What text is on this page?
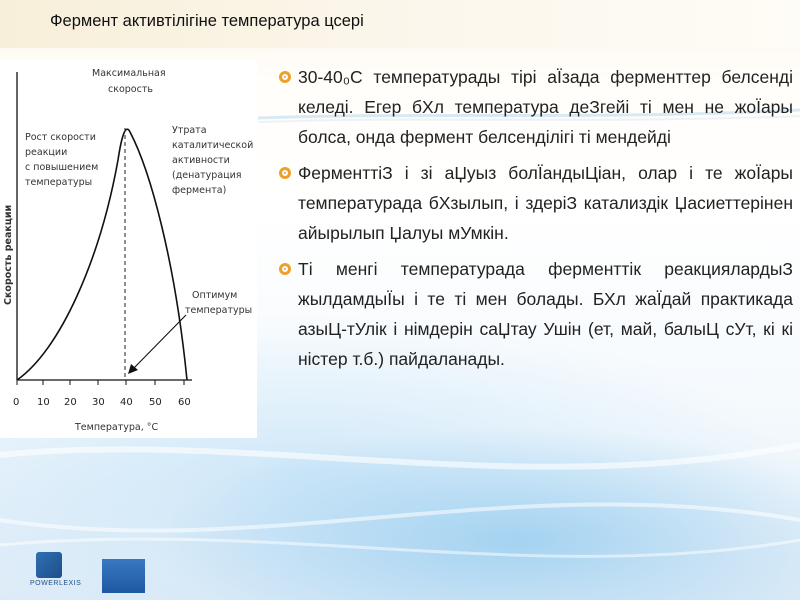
Фермент активтілігіне температура цсері
Скорость реакции
0 10 20 30 40 50 60
Температура, °С
Максимальная
скорость
Рост скорости
реакции
с повышением
температуры
Утрата
каталитической
активности
(денатурация
фермента)
Оптимум
температуры
30-40₀С температурады тірі аЇзада ферменттер белсенді келеді. Егер бХл температура деЗгейі ті мен не жоЇары болса, онда фермент белсенділігі ті мендейді
ФерменттіЗ і зі аЏуыз болЇандыЦіан, олар і те жоЇары температурада бХзылып, і здеріЗ катализдік Џасиеттерінен айырылып Џалуы мУмкін.
Ті менгі температурада ферменттік реакциялардыЗ жылдамдыЇы і те ті мен болады. БХл жаЇдай практикада азыЦ-тУлік і нiмдерін саЏтау Ушін (ет, май, балыЦ сУт, кі кі ністер т.б.) пайдаланады.
POWERLEXIS
